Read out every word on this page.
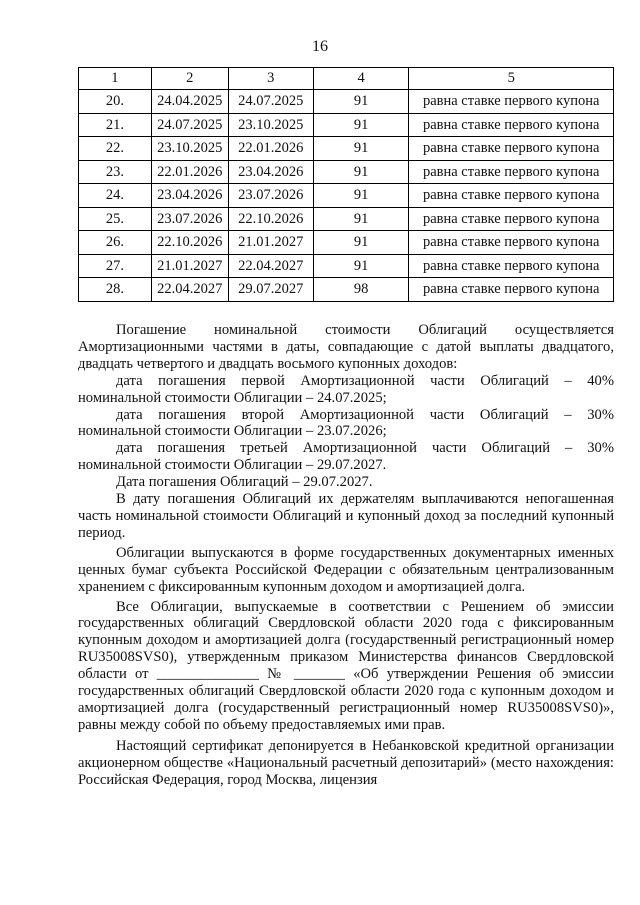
16
1	2	3	4	5
20.	24.04.2025	24.07.2025	91	равна ставке первого купона
21.	24.07.2025	23.10.2025	91	равна ставке первого купона
22.	23.10.2025	22.01.2026	91	равна ставке первого купона
23.	22.01.2026	23.04.2026	91	равна ставке первого купона
24.	23.04.2026	23.07.2026	91	равна ставке первого купона
25.	23.07.2026	22.10.2026	91	равна ставке первого купона
26.	22.10.2026	21.01.2027	91	равна ставке первого купона
27.	21.01.2027	22.04.2027	91	равна ставке первого купона
28.	22.04.2027	29.07.2027	98	равна ставке первого купона

Погашение номинальной стоимости Облигаций осуществляется Амортизационными частями в даты, совпадающие с датой выплаты двадцатого, двадцать четвертого и двадцать восьмого купонных доходов:

дата погашения первой Амортизационной части Облигаций – 40% номинальной стоимости Облигации – 24.07.2025;

дата погашения второй Амортизационной части Облигаций – 30% номинальной стоимости Облигации – 23.07.2026;

дата погашения третьей Амортизационной части Облигаций – 30% номинальной стоимости Облигации – 29.07.2027.

Дата погашения Облигаций – 29.07.2027.

В дату погашения Облигаций их держателям выплачиваются непогашенная часть номинальной стоимости Облигаций и купонный доход за последний купонный период.

Облигации выпускаются в форме государственных документарных именных ценных бумаг субъекта Российской Федерации с обязательным централизованным хранением с фиксированным купонным доходом и амортизацией долга.

Все Облигации, выпускаемые в соответствии с Решением об эмиссии государственных облигаций Свердловской области 2020 года с фиксированным купонным доходом и амортизацией долга (государственный регистрационный номер RU35008SVS0), утвержденным приказом Министерства финансов Свердловской области от ______________ № _______ «Об утверждении Решения об эмиссии государственных облигаций Свердловской области 2020 года с купонным доходом и амортизацией долга (государственный регистрационный номер RU35008SVS0)», равны между собой по объему предоставляемых ими прав.

Настоящий сертификат депонируется в Небанковской кредитной организации акционерном обществе «Национальный расчетный депозитарий» (место нахождения: Российская Федерация, город Москва, лицензия
